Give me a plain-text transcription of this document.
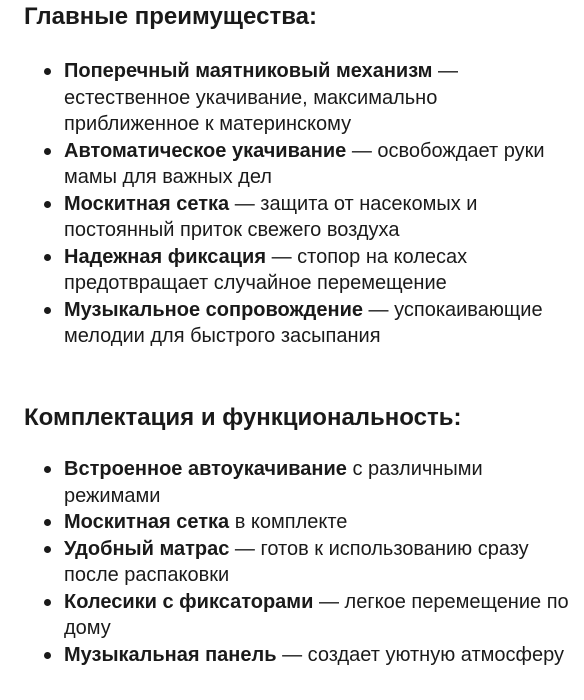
Главные преимущества:
Поперечный маятниковый механизм — естественное укачивание, максимально приближенное к материнскому
Автоматическое укачивание — освобождает руки мамы для важных дел
Москитная сетка — защита от насекомых и постоянный приток свежего воздуха
Надежная фиксация — стопор на колесах предотвращает случайное перемещение
Музыкальное сопровождение — успокаивающие мелодии для быстрого засыпания
Комплектация и функциональность:
Встроенное автоукачивание с различными режимами
Москитная сетка в комплекте
Удобный матрас — готов к использованию сразу после распаковки
Колесики с фиксаторами — легкое перемещение по дому
Музыкальная панель — создает уютную атмосферу
